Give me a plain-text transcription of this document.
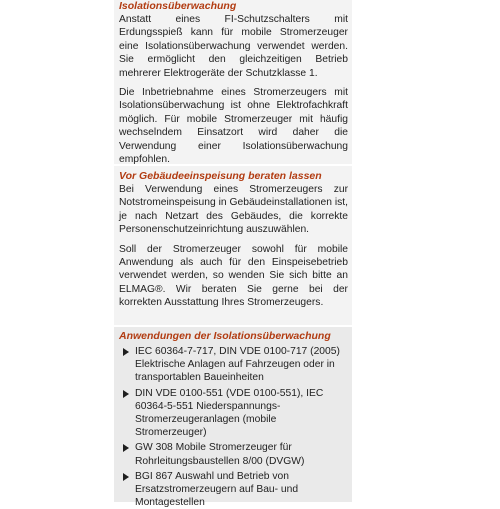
Isolationsüberwachung

Anstatt eines FI-Schutzschalters mit Erdungsspieß kann für mobile Stromerzeuger eine Isolationsüberwachung verwendet werden. Sie ermöglicht den gleichzeitigen Betrieb mehrerer Elektrogeräte der Schutzklasse 1.

Die Inbetriebnahme eines Stromerzeugers mit Isolationsüberwachung ist ohne Elektrofachkraft möglich. Für mobile Stromerzeuger mit häufig wechselndem Einsatzort wird daher die Verwendung einer Isolationsüberwachung empfohlen.

Vor Gebäudeeinspeisung beraten lassen

Bei Verwendung eines Stromerzeugers zur Notstromeinspeisung in Gebäudeinstallationen ist, je nach Netzart des Gebäudes, die korrekte Personenschutzeinrichtung auszuwählen.

Soll der Stromerzeuger sowohl für mobile Anwendung als auch für den Einspeisebetrieb verwendet werden, so wenden Sie sich bitte an ELMAG®. Wir beraten Sie gerne bei der korrekten Ausstattung Ihres Stromerzeugers.

Anwendungen der Isolationsüberwachung

IEC 60364-7-717, DIN VDE 0100-717 (2005) Elektrische Anlagen auf Fahrzeugen oder in transportablen Baueinheiten
DIN VDE 0100-551 (VDE 0100-551), IEC 60364-5-551 Niederspannungs-Stromerzeugeranlagen (mobile Stromerzeuger)
GW 308 Mobile Stromerzeuger für Rohrleitungsbaustellen 8/00 (DVGW)
BGI 867 Auswahl und Betrieb von Ersatzstromerzeugern auf Bau- und Montagestellen
